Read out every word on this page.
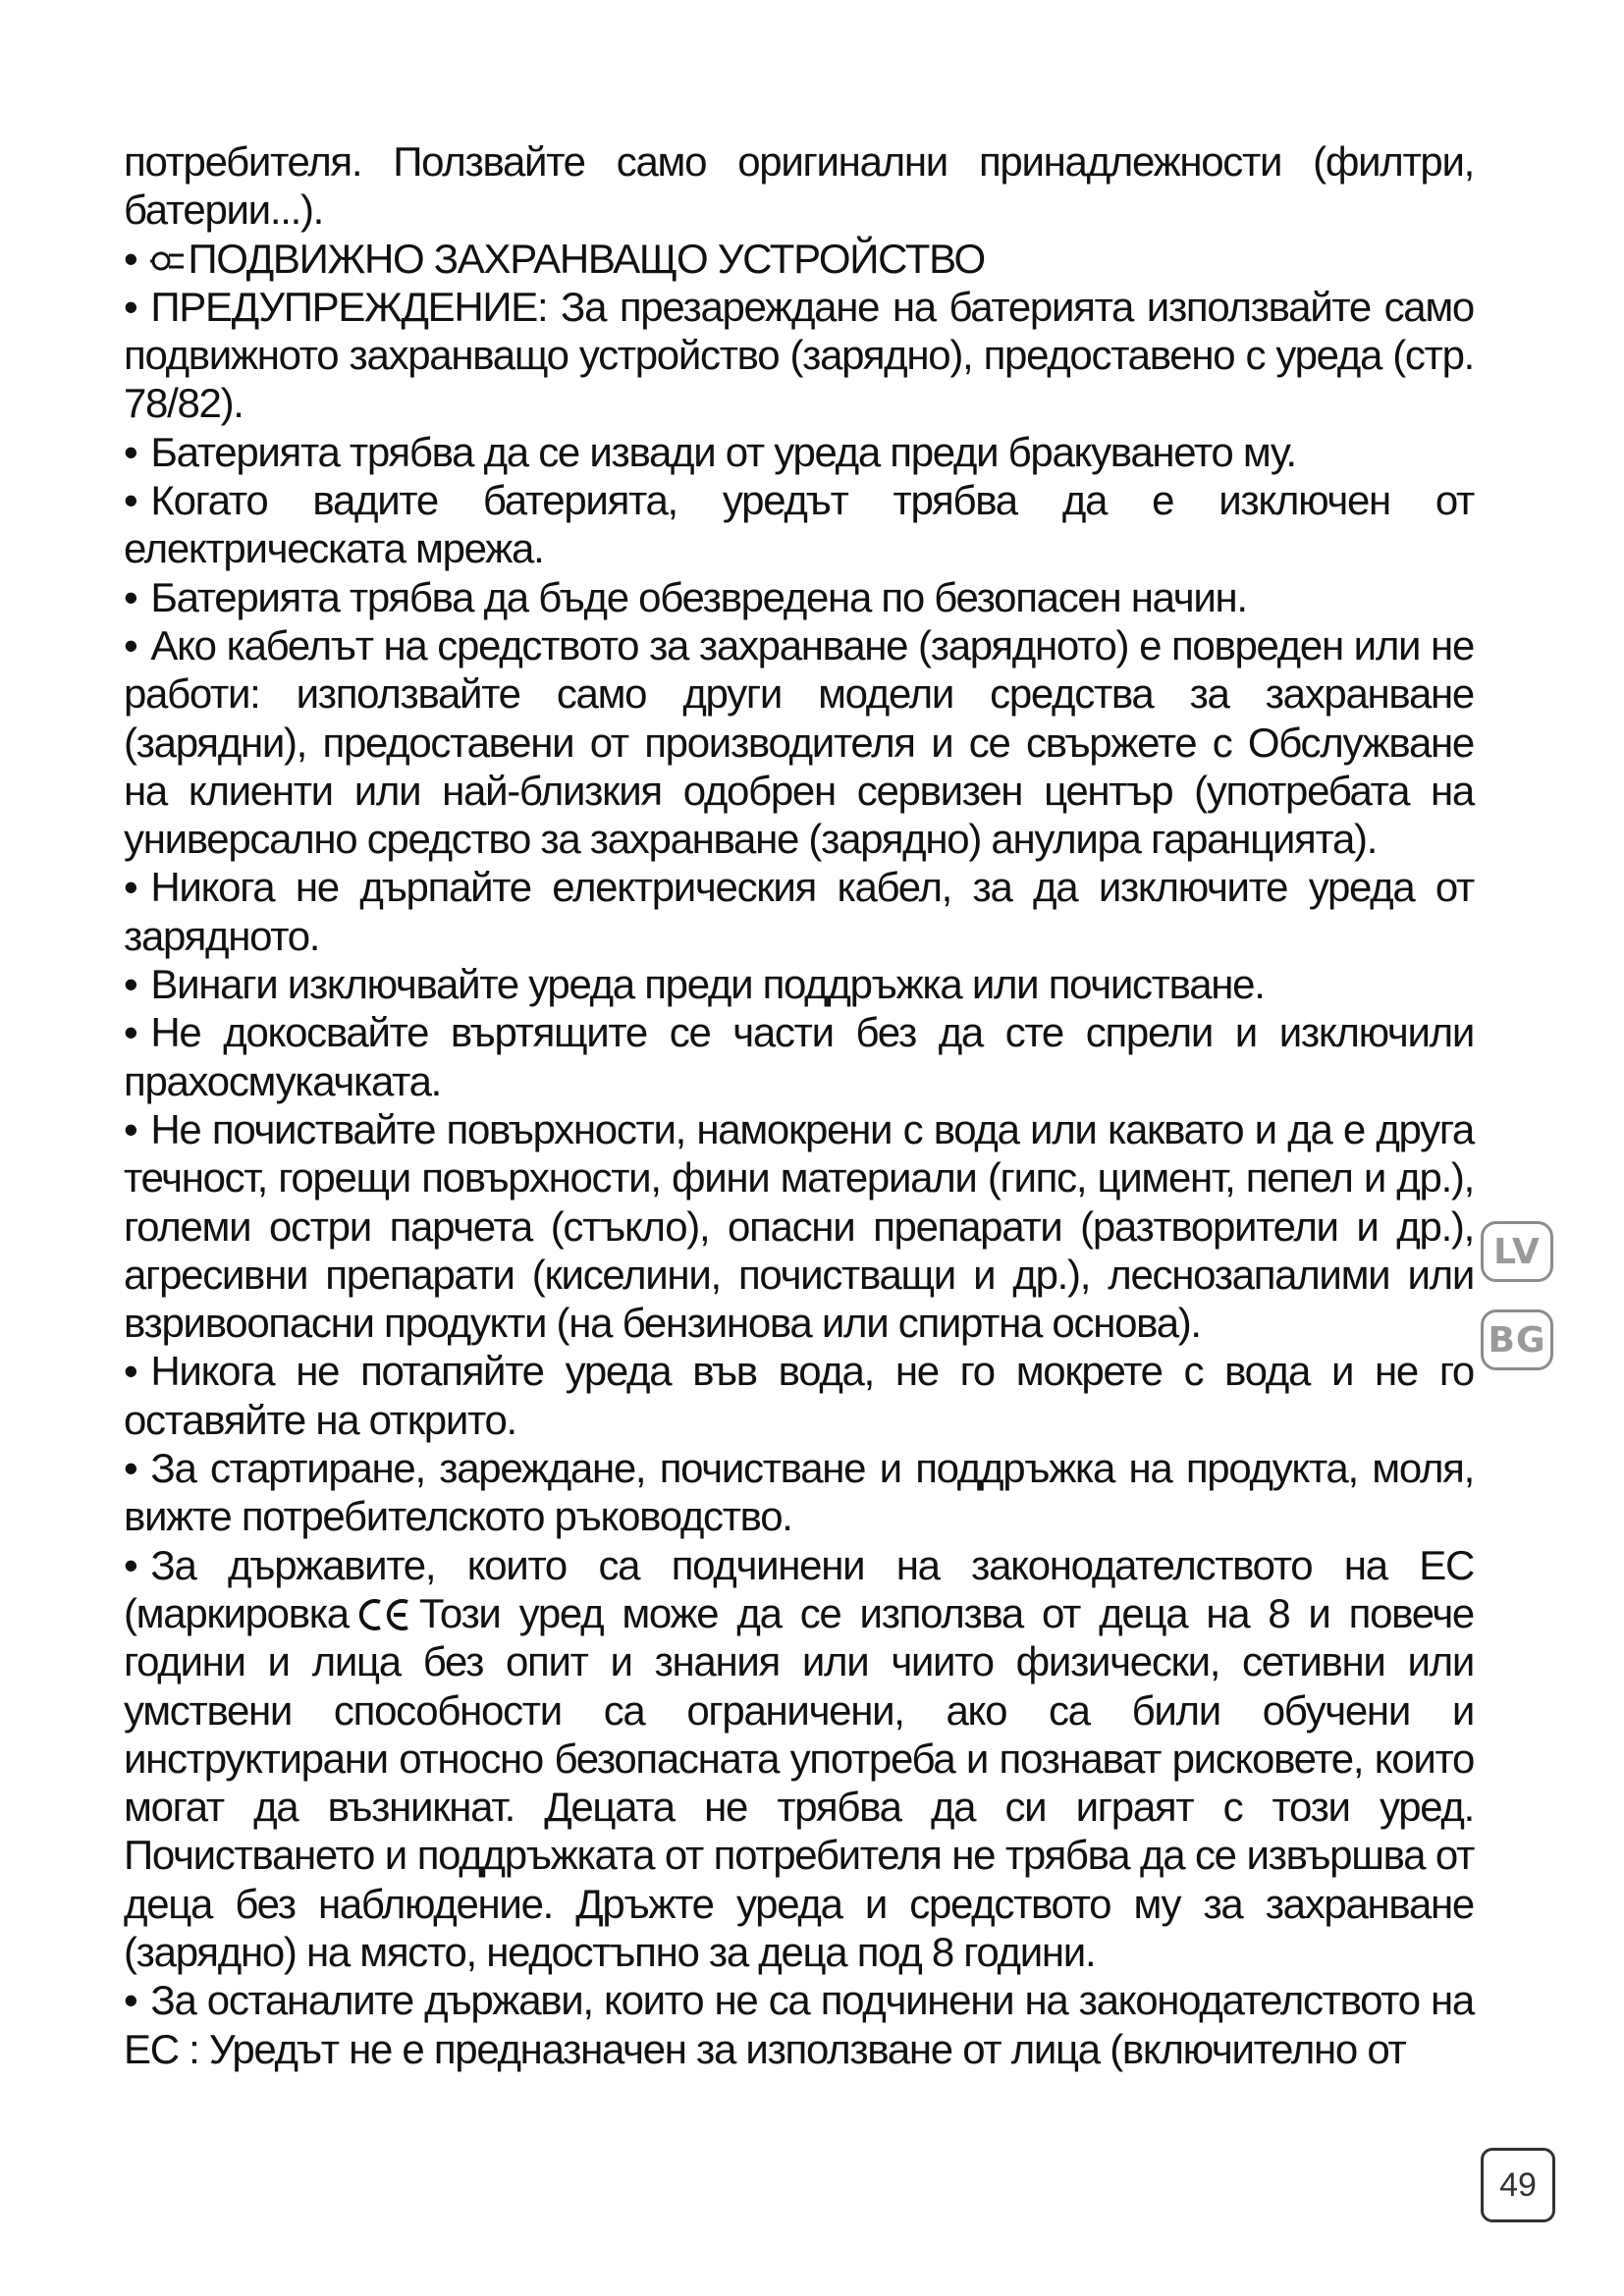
потребителя. Ползвайте само оригинални принадлежности (филтри, батерии...).

• ПОДВИЖНО ЗАХРАНВАЩО УСТРОЙСТВО

• ПРЕДУПРЕЖДЕНИЕ: За презареждане на батерията използвайте само подвижното захранващо устройство (зарядно), предоставено с уреда (стр. 78/82).

• Батерията трябва да се извади от уреда преди бракуването му.

• Когато вадите батерията, уредът трябва да е изключен от електрическата мрежа.

• Батерията трябва да бъде обезвредена по безопасен начин.

• Ако кабелът на средството за захранване (зарядното) е повреден или не работи: използвайте само други модели средства за захранване (зарядни), предоставени от производителя и се свържете с Обслужване на клиенти или най-близкия одобрен сервизен център (употребата на универсално средство за захранване (зарядно) анулира гаранцията).

• Никога не дърпайте електрическия кабел, за да изключите уреда от зарядното.

• Винаги изключвайте уреда преди поддръжка или почистване.

• Не докосвайте въртящите се части без да сте спрели и изключили прахосмукачката.

• Не почиствайте повърхности, намокрени с вода или каквато и да е друга течност, горещи повърхности, фини материали (гипс, цимент, пепел и др.), големи остри парчета (стъкло), опасни препарати (разтворители и др.), агресивни препарати (киселини, почистващи и др.), леснозапалими или взривоопасни продукти (на бензинова или спиртна основа).

• Никога не потапяйте уреда във вода, не го мокрете с вода и не го оставяйте на открито.

• За стартиране, зареждане, почистване и поддръжка на продукта, моля, вижте потребителското ръководство.

• За държавите, които са подчинени на законодателството на ЕС (маркировка Този уред може да се използва от деца на 8 и повече години и лица без опит и знания или чиито физически, сетивни или умствени способности са ограничени, ако са били обучени и инструктирани относно безопасната употреба и познават рисковете, които могат да възникнат. Децата не трябва да си играят с този уред. Почистването и поддръжката от потребителя не трябва да се извършва от деца без наблюдение. Дръжте уреда и средството му за захранване (зарядно) на място, недостъпно за деца под 8 години.

• За останалите държави, които не са подчинени на законодателството на ЕС : Уредът не е предназначен за използване от лица (включително от

LV
BG
49
